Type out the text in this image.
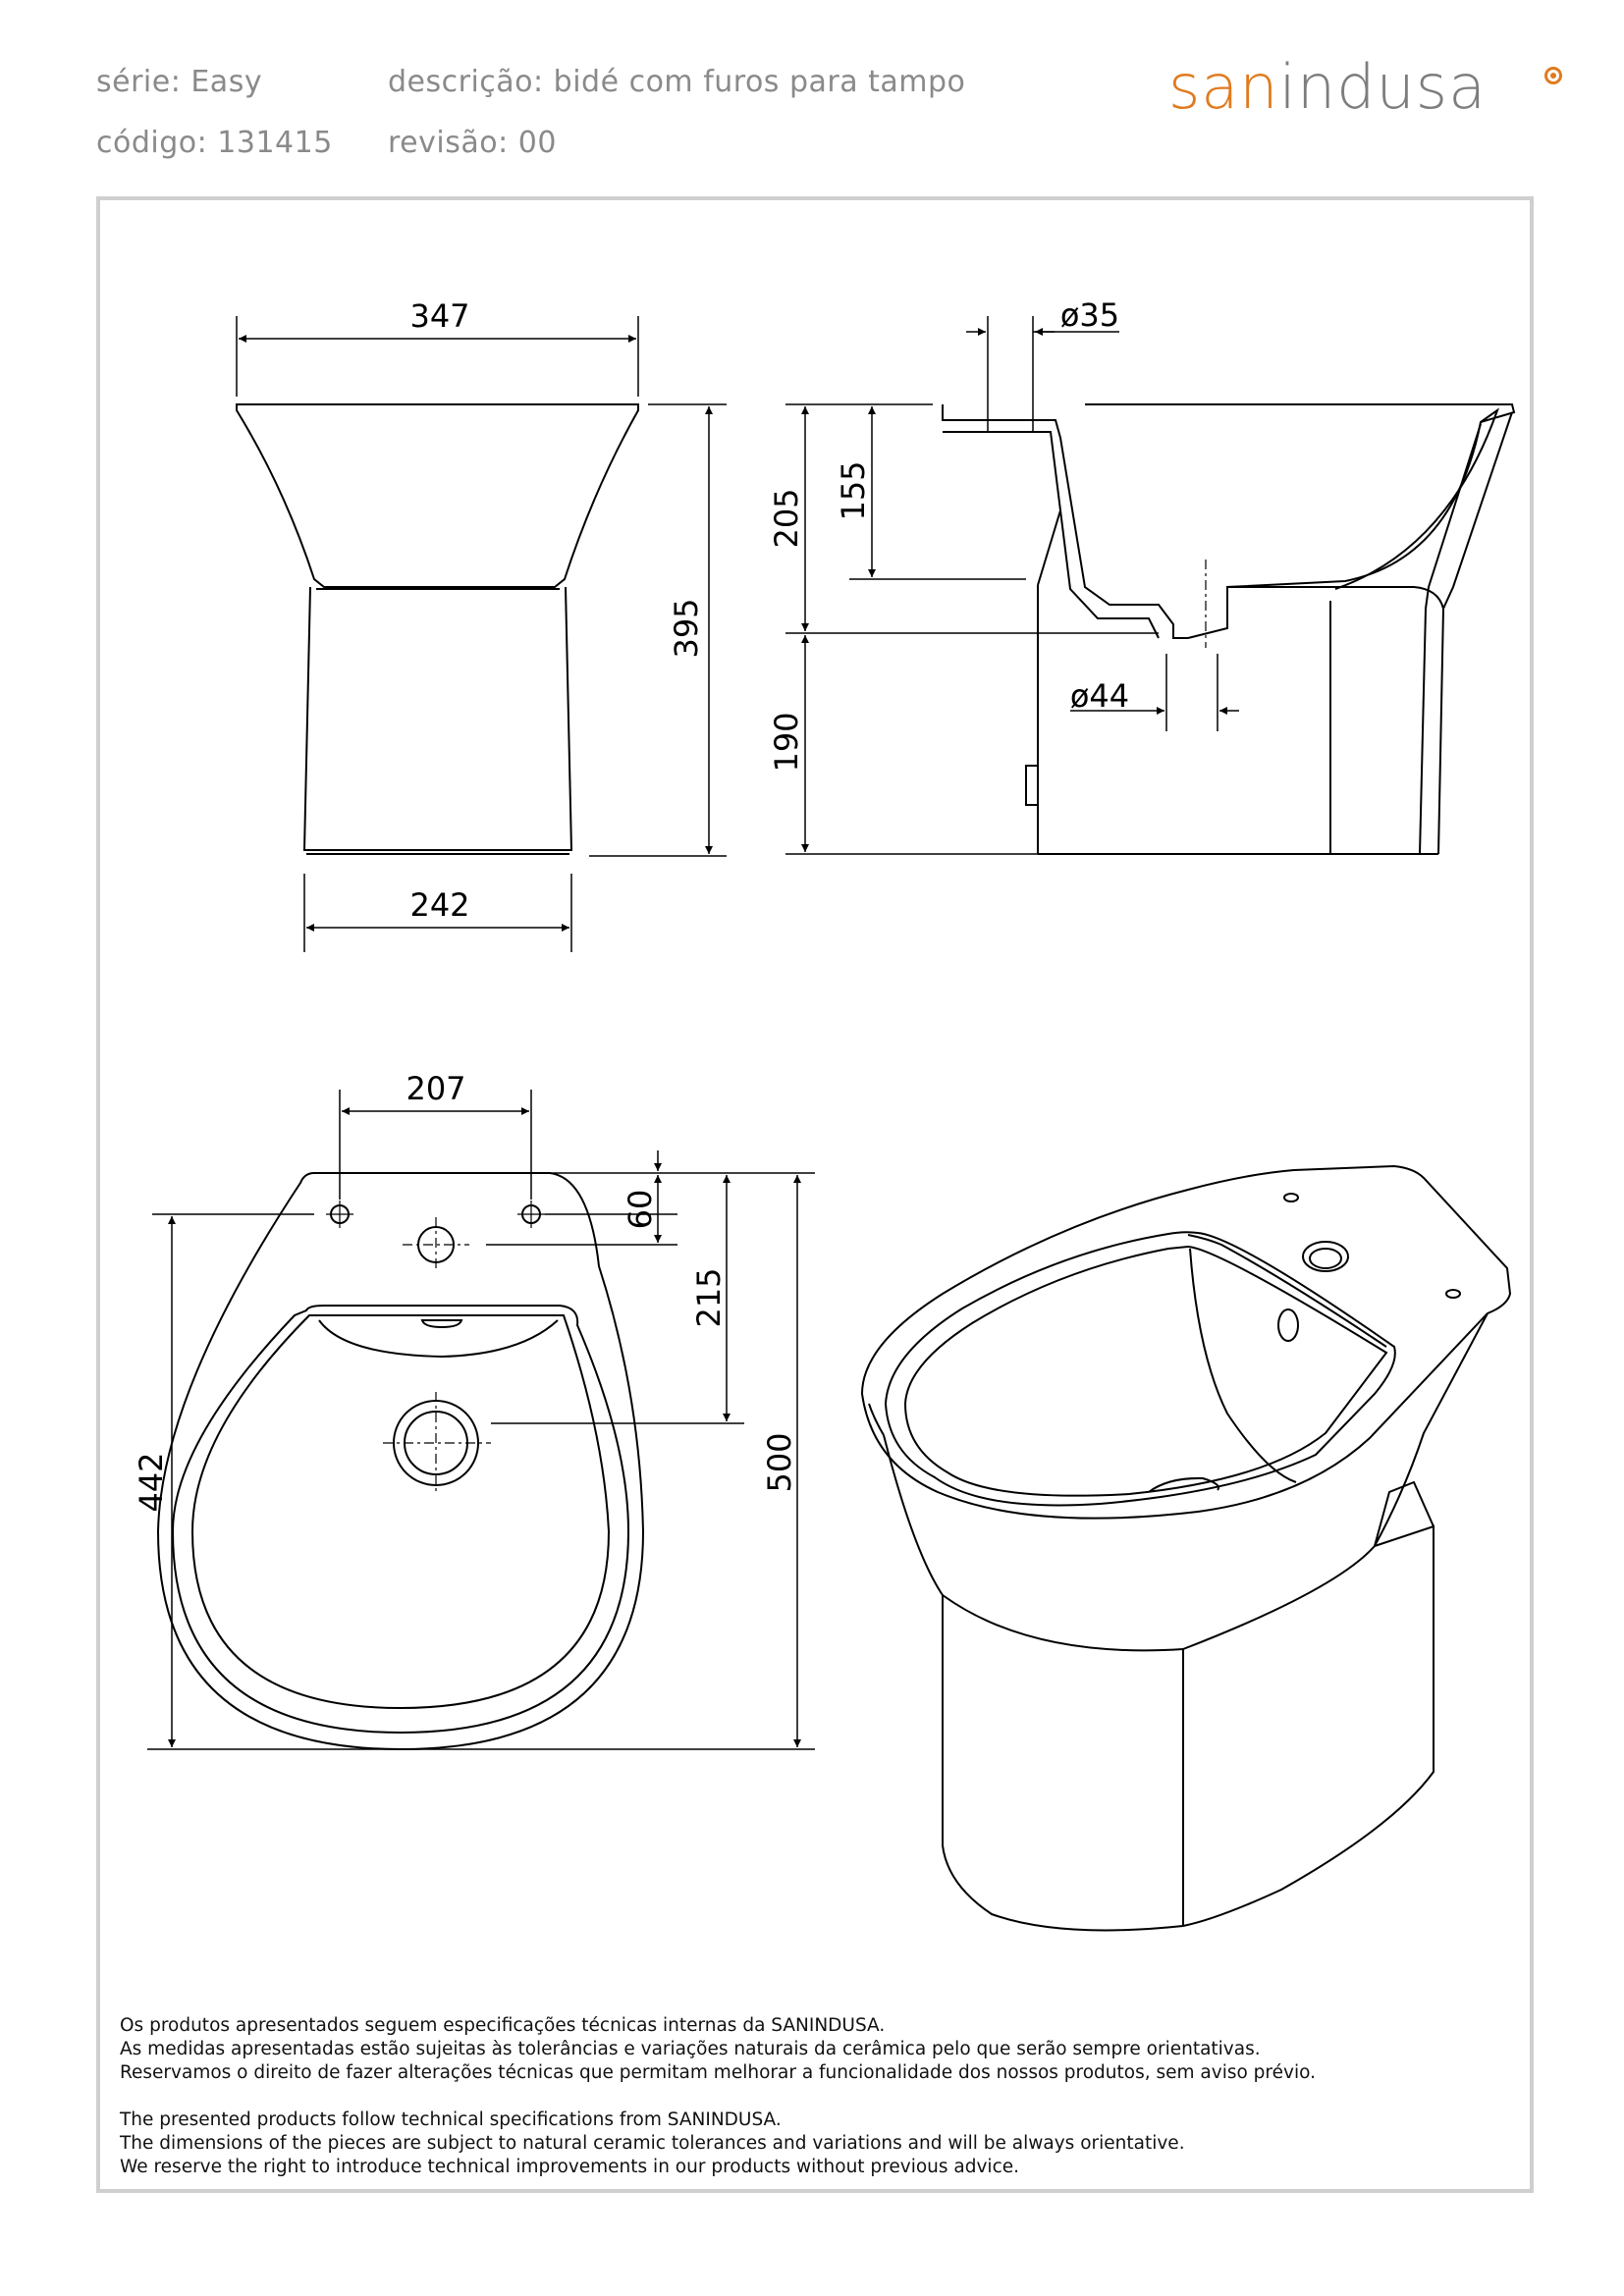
série: Easy	descrição: bidé com furos para tampo
código: 131415 revisão: 00
sanindusa
347
242
395
ø35
ø44
155
205
190
207
60
215
500
442

Os produtos apresentados seguem especificações técnicas internas da SANINDUSA.

As medidas apresentadas estão sujeitas às tolerâncias e variações naturais da cerâmica pelo que serão sempre orientativas.

Reservamos o direito de fazer alterações técnicas que permitam melhorar a funcionalidade dos nossos produtos, sem aviso prévio.

The presented products follow technical specifications from SANINDUSA.

The dimensions of the pieces are subject to natural ceramic tolerances and variations and will be always orientative.

We reserve the right to introduce technical improvements in our products without previous advice.
